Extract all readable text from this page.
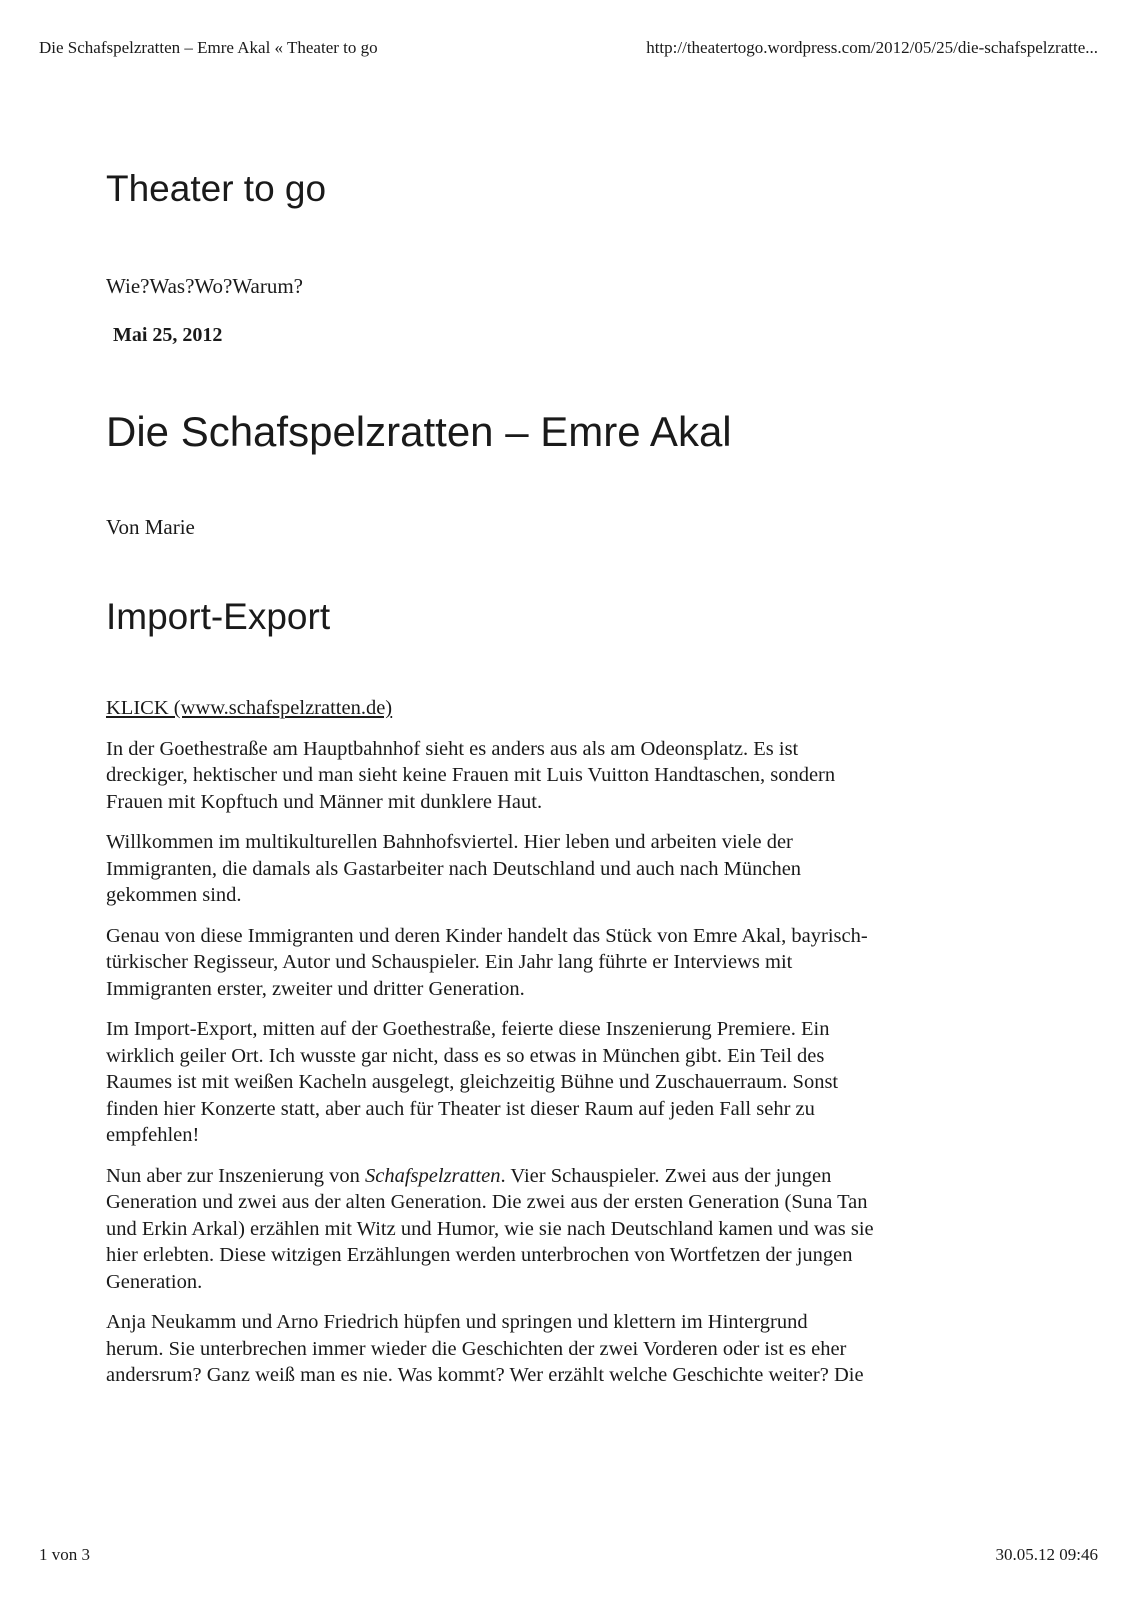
Die Schafspelzratten – Emre Akal « Theater to go	http://theatertogo.wordpress.com/2012/05/25/die-schafspelzratte...
Theater to go

Wie?Was?Wo?Warum?

Mai 25, 2012

Die Schafspelzratten – Emre Akal

Von Marie

Import-Export

KLICK (www.schafspelzratten.de)

In der Goethestraße am Hauptbahnhof sieht es anders aus als am Odeonsplatz. Es ist
dreckiger, hektischer und man sieht keine Frauen mit Luis Vuitton Handtaschen, sondern
Frauen mit Kopftuch und Männer mit dunklere Haut.

Willkommen im multikulturellen Bahnhofsviertel. Hier leben und arbeiten viele der
Immigranten, die damals als Gastarbeiter nach Deutschland und auch nach München
gekommen sind.

Genau von diese Immigranten und deren Kinder handelt das Stück von Emre Akal, bayrisch-
türkischer Regisseur, Autor und Schauspieler. Ein Jahr lang führte er Interviews mit
Immigranten erster, zweiter und dritter Generation.

Im Import-Export, mitten auf der Goethestraße, feierte diese Inszenierung Premiere. Ein
wirklich geiler Ort. Ich wusste gar nicht, dass es so etwas in München gibt. Ein Teil des
Raumes ist mit weißen Kacheln ausgelegt, gleichzeitig Bühne und Zuschauerraum. Sonst
finden hier Konzerte statt, aber auch für Theater ist dieser Raum auf jeden Fall sehr zu
empfehlen!

Nun aber zur Inszenierung von Schafspelzratten. Vier Schauspieler. Zwei aus der jungen
Generation und zwei aus der alten Generation. Die zwei aus der ersten Generation (Suna Tan
und Erkin Arkal) erzählen mit Witz und Humor, wie sie nach Deutschland kamen und was sie
hier erlebten. Diese witzigen Erzählungen werden unterbrochen von Wortfetzen der jungen
Generation.

Anja Neukamm und Arno Friedrich hüpfen und springen und klettern im Hintergrund
herum. Sie unterbrechen immer wieder die Geschichten der zwei Vorderen oder ist es eher
andersrum? Ganz weiß man es nie. Was kommt? Wer erzählt welche Geschichte weiter? Die

1 von 3	30.05.12 09:46
